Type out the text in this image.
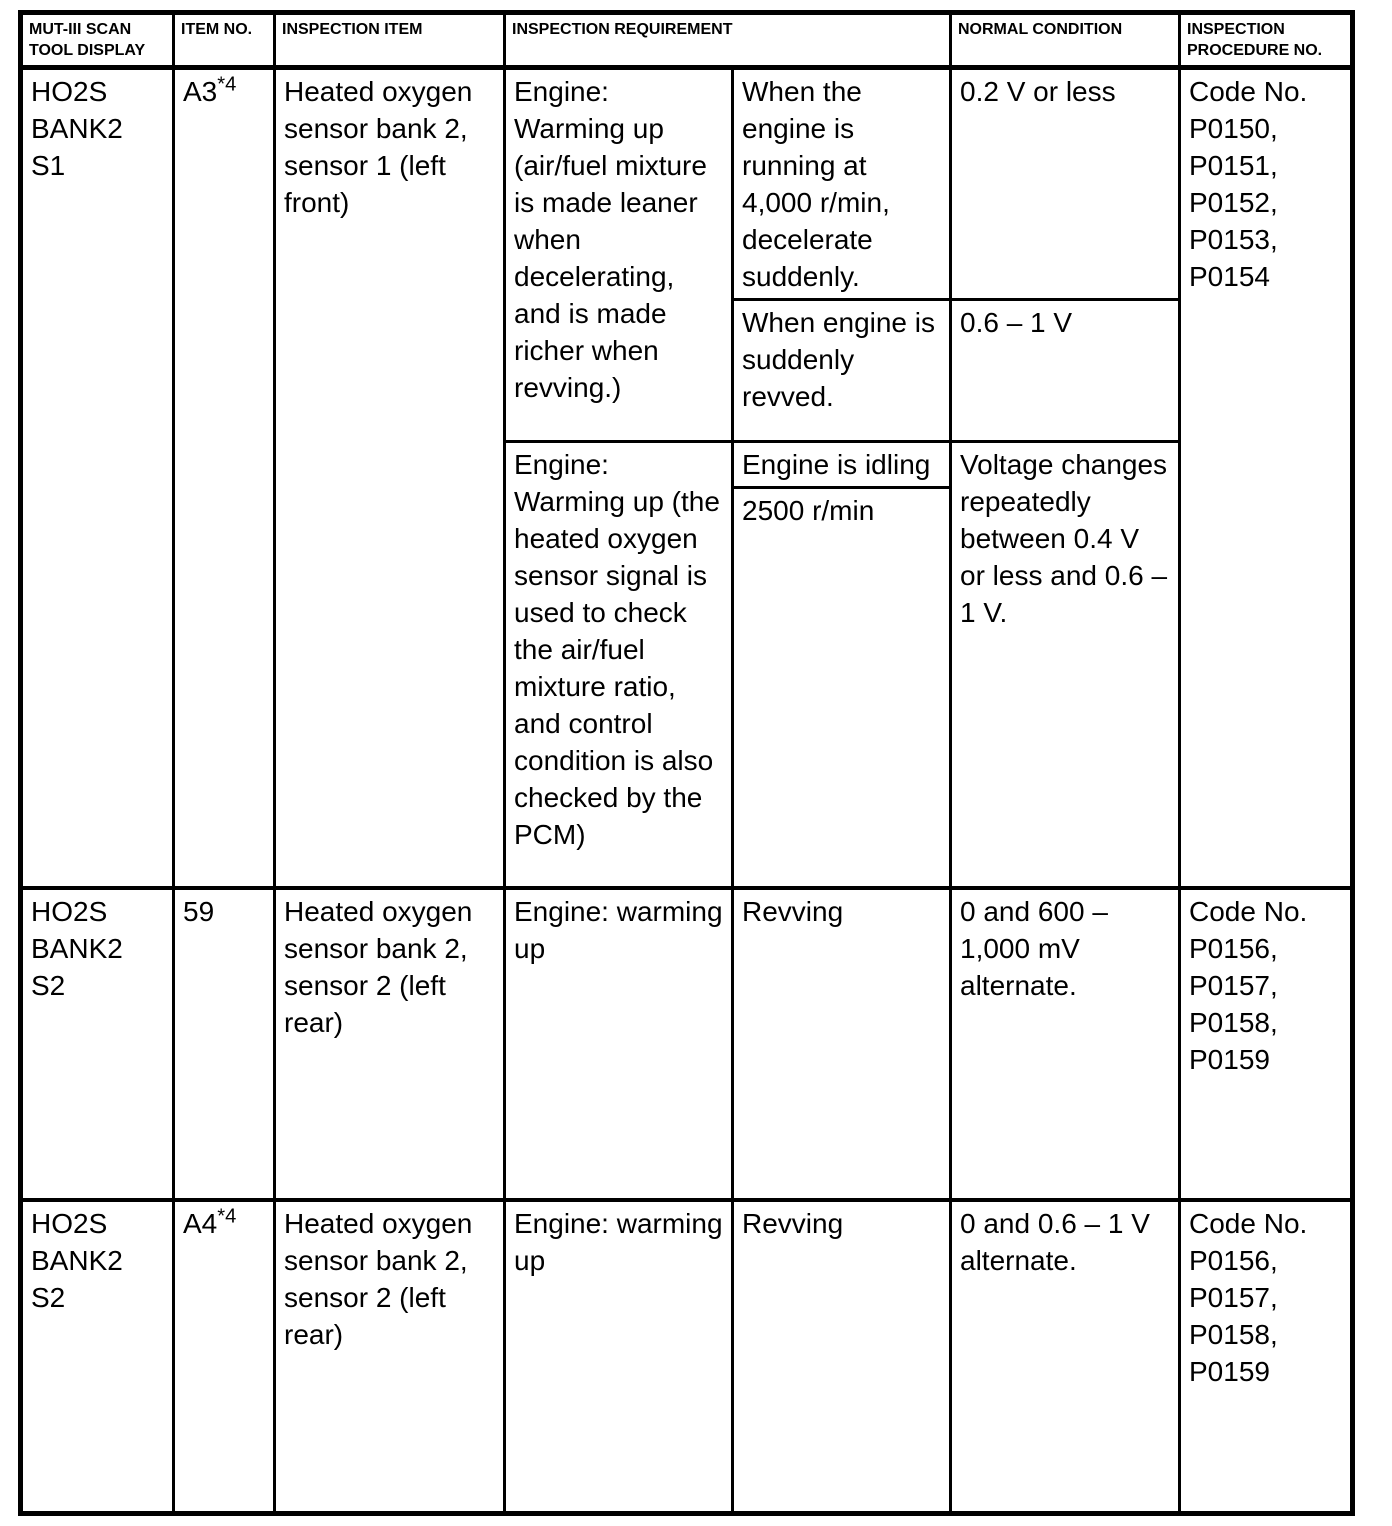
MUT-III SCAN TOOL DISPLAY	ITEM NO.	INSPECTION ITEM	INSPECTION REQUIREMENT		NORMAL CONDITION	INSPECTION PROCEDURE NO.
HO2S BANK2 S1	A3$^{*4}$	Heated oxygen sensor bank 2, sensor 1 (left front)	Engine: Warming up (air/fuel mixture is made leaner when decelerating, and is made richer when revving.)	When the engine is running at 4,000 r/min, decelerate suddenly.	0.2 V or less	Code No. P0150, P0151, P0152, P0153, P0154
				When engine is suddenly revved.	0.6 – 1 V	
			Engine: Warming up (the heated oxygen sensor signal is used to check the air/fuel mixture ratio, and control condition is also checked by the PCM)	Engine is idling	Voltage changes repeatedly between 0.4 V or less and 0.6 – 1 V.	
				2500 r/min		
HO2S BANK2 S2	59	Heated oxygen sensor bank 2, sensor 2 (left rear)	Engine: warming up	Revving	0 and 600 – 1,000 mV alternate.	Code No. P0156, P0157, P0158, P0159
HO2S BANK2 S2	A4$^{*4}$	Heated oxygen sensor bank 2, sensor 2 (left rear)	Engine: warming up	Revving	0 and 0.6 – 1 V alternate.	Code No. P0156, P0157, P0158, P0159
